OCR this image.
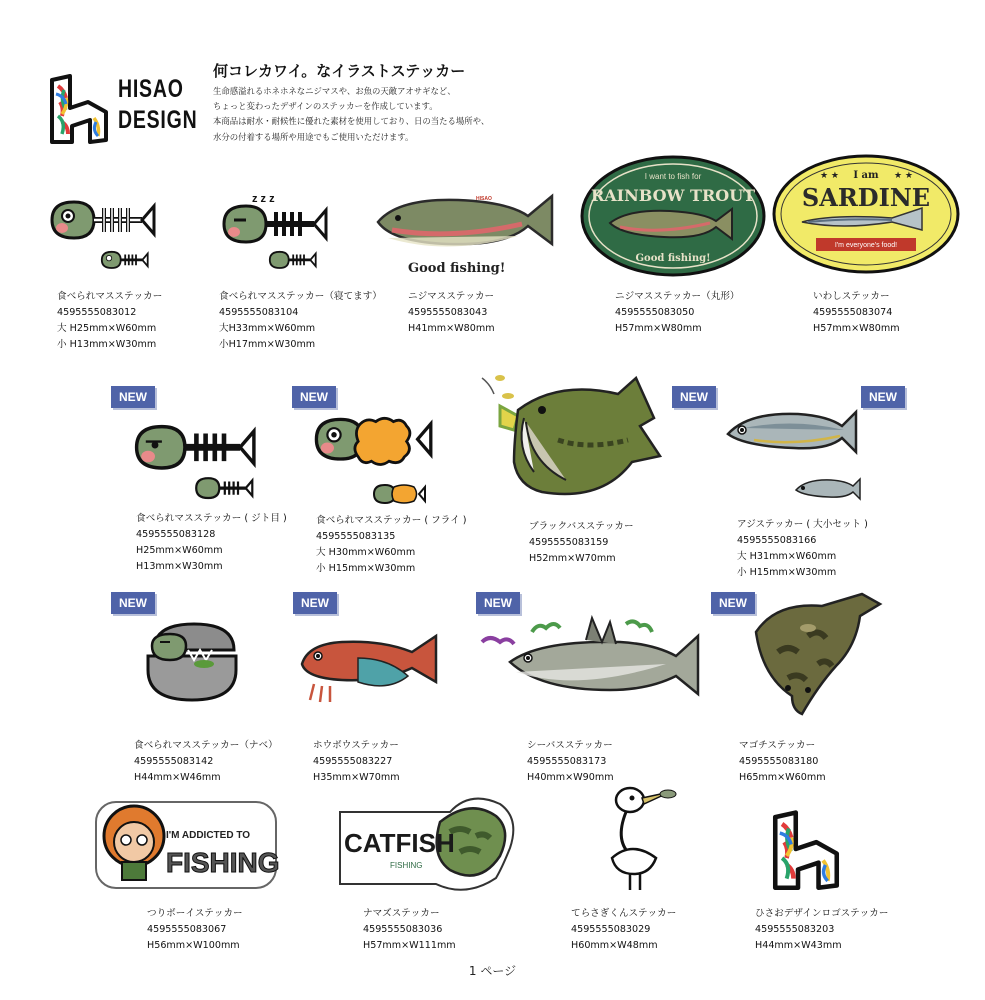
HISAO
DESIGN
何コレカワイ。なイラストステッカー
生命感溢れるホネホネなニジマスや、お魚の天敵アオサギなど、
ちょっと変わったデザインのステッカーを作成しています。
本商品は耐水・耐候性に優れた素材を使用しており、日の当たる場所や、
水分の付着する場所や用途でもご使用いただけます。
食べられマスステッカー
4595555083012
大 H25mm×W60mm
小 H13mm×W30mm
z z z
食べられマスステッカー（寝てます）
4595555083104
大H33mm×W60mm
小H17mm×W30mm
HISAO
Good fishing!
ニジマスステッカー
4595555083043
H41mm×W80mm
I want to fish for
RAINBOW TROUT
Good fishing!
ニジマスステッカー（丸形）
4595555083050
H57mm×W80mm
★ ★ I am ★ ★
SARDINE
I'm everyone's food!
いわしステッカー
4595555083074
H57mm×W80mm
NEW
食べられマスステッカー ( ジト目 )
4595555083128
H25mm×W60mm
H13mm×W30mm
NEW
食べられマスステッカー ( フライ )
4595555083135
大 H30mm×W60mm
小 H15mm×W30mm
NEW
ブラックバスステッカー
4595555083159
H52mm×W70mm
NEW
アジステッカー ( 大小セット )
4595555083166
大 H31mm×W60mm
小 H15mm×W30mm
NEW
食べられマスステッカー（ナベ）
4595555083142
H44mm×W46mm
NEW
ホウボウステッカー
4595555083227
H35mm×W70mm
NEW
シーバスステッカー
4595555083173
H40mm×W90mm
NEW
マゴチステッカー
4595555083180
H65mm×W60mm
I'M ADDICTED TO
FISHING
つりボーイステッカー
4595555083067
H56mm×W100mm
CATFISH
FISHING
ナマズステッカー
4595555083036
H57mm×W111mm
てらさぎくんステッカー
4595555083029
H60mm×W48mm
ひさおデザインロゴステッカー
4595555083203
H44mm×W43mm
1 ページ
